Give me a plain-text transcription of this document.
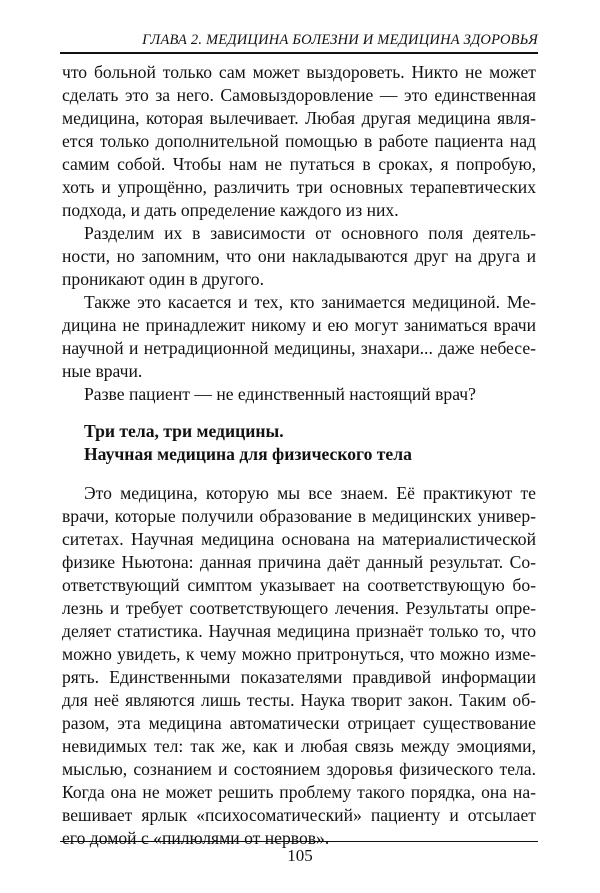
ГЛАВА 2. МЕДИЦИНА БОЛЕЗНИ И МЕДИЦИНА ЗДОРОВЬЯ
что больной только сам может выздороветь. Никто не может
сделать это за него. Самовыздоровление — это единственная
медицина, которая вылечивает. Любая другая медицина явля-
ется только дополнительной помощью в работе пациента над
самим собой. Чтобы нам не путаться в сроках, я попробую,
хоть и упрощённо, различить три основных терапевтических
подхода, и дать определение каждого из них.
Разделим их в зависимости от основного поля деятель-
ности, но запомним, что они накладываются друг на друга и
проникают один в другого.
Также это касается и тех, кто занимается медициной. Ме-
дицина не принадлежит никому и ею могут заниматься врачи
научной и нетрадиционной медицины, знахари... даже небесе-
ные врачи.
Разве пациент — не единственный настоящий врач?
Три тела, три медицины.
Научная медицина для физического тела
Это медицина, которую мы все знаем. Её практикуют те
врачи, которые получили образование в медицинских универ-
ситетах. Научная медицина основана на материалистической
физике Ньютона: данная причина даёт данный результат. Со-
ответствующий симптом указывает на соответствующую бо-
лезнь и требует соответствующего лечения. Результаты опре-
деляет статистика. Научная медицина признаёт только то, что
можно увидеть, к чему можно притронуться, что можно изме-
рять. Единственными показателями правдивой информации
для неё являются лишь тесты. Наука творит закон. Таким об-
разом, эта медицина автоматически отрицает существование
невидимых тел: так же, как и любая связь между эмоциями,
мыслью, сознанием и состоянием здоровья физического тела.
Когда она не может решить проблему такого порядка, она на-
вешивает ярлык «психосоматический» пациенту и отсылает
его домой с «пилюлями от нервов».
105
